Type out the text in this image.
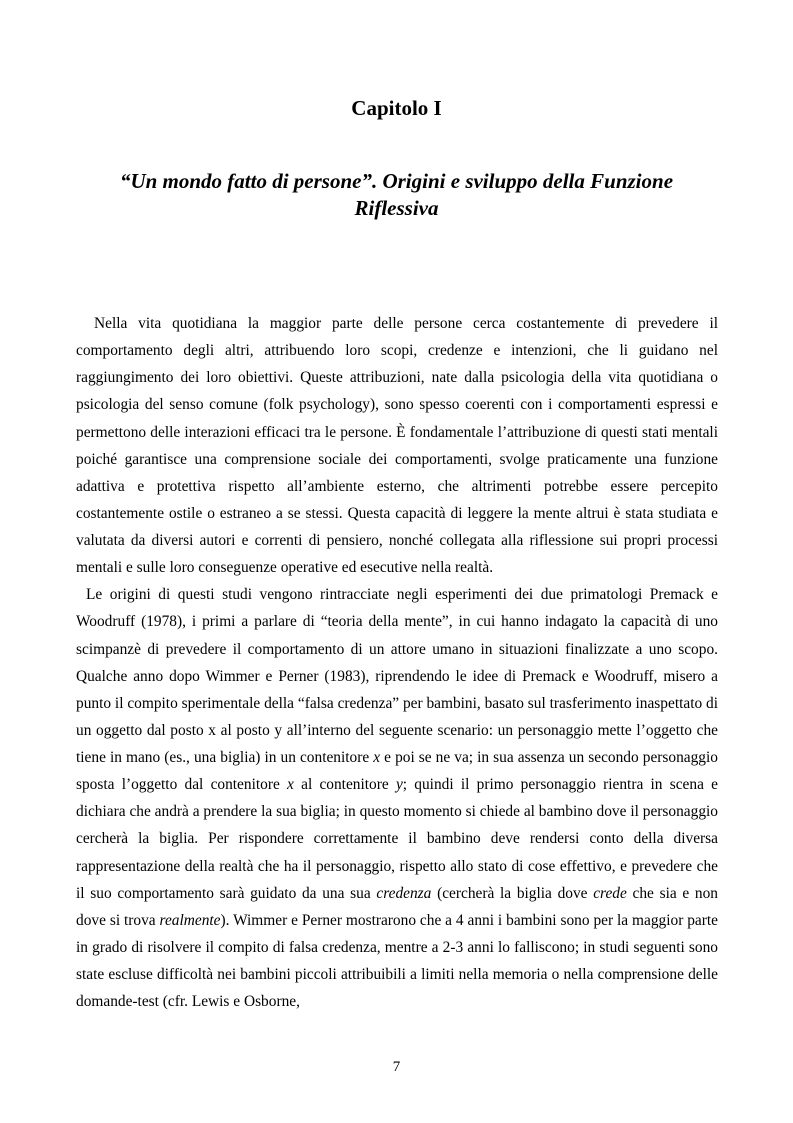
Capitolo I
“Un mondo fatto di persone”. Origini e sviluppo della Funzione Riflessiva

Nella vita quotidiana la maggior parte delle persone cerca costantemente di prevedere il comportamento degli altri, attribuendo loro scopi, credenze e intenzioni, che li guidano nel raggiungimento dei loro obiettivi. Queste attribuzioni, nate dalla psicologia della vita quotidiana o psicologia del senso comune (folk psychology), sono spesso coerenti con i comportamenti espressi e permettono delle interazioni efficaci tra le persone. È fondamentale l’attribuzione di questi stati mentali poiché garantisce una comprensione sociale dei comportamenti, svolge praticamente una funzione adattiva e protettiva rispetto all’ambiente esterno, che altrimenti potrebbe essere percepito costantemente ostile o estraneo a se stessi. Questa capacità di leggere la mente altrui è stata studiata e valutata da diversi autori e correnti di pensiero, nonché collegata alla riflessione sui propri processi mentali e sulle loro conseguenze operative ed esecutive nella realtà.

Le origini di questi studi vengono rintracciate negli esperimenti dei due primatologi Premack e Woodruff (1978), i primi a parlare di “teoria della mente”, in cui hanno indagato la capacità di uno scimpanzè di prevedere il comportamento di un attore umano in situazioni finalizzate a uno scopo. Qualche anno dopo Wimmer e Perner (1983), riprendendo le idee di Premack e Woodruff, misero a punto il compito sperimentale della “falsa credenza” per bambini, basato sul trasferimento inaspettato di un oggetto dal posto x al posto y all’interno del seguente scenario: un personaggio mette l’oggetto che tiene in mano (es., una biglia) in un contenitore x e poi se ne va; in sua assenza un secondo personaggio sposta l’oggetto dal contenitore x al contenitore y; quindi il primo personaggio rientra in scena e dichiara che andrà a prendere la sua biglia; in questo momento si chiede al bambino dove il personaggio cercherà la biglia. Per rispondere correttamente il bambino deve rendersi conto della diversa rappresentazione della realtà che ha il personaggio, rispetto allo stato di cose effettivo, e prevedere che il suo comportamento sarà guidato da una sua credenza (cercherà la biglia dove crede che sia e non dove si trova realmente). Wimmer e Perner mostrarono che a 4 anni i bambini sono per la maggior parte in grado di risolvere il compito di falsa credenza, mentre a 2-3 anni lo falliscono; in studi seguenti sono state escluse difficoltà nei bambini piccoli attribuibili a limiti nella memoria o nella comprensione delle domande-test (cfr. Lewis e Osborne,

7
